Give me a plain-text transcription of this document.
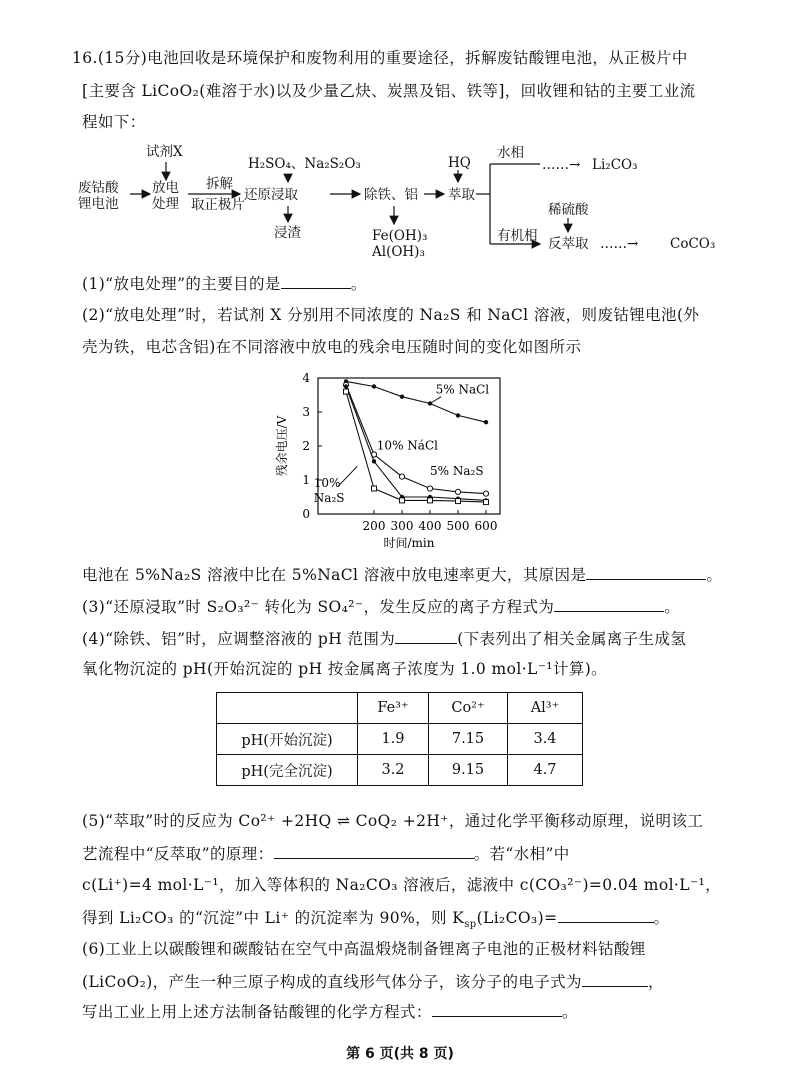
16.(15分)电池回收是环境保护和废物利用的重要途径，拆解废钴酸锂电池，从正极片中
[主要含 LiCoO₂(难溶于水)以及少量乙炔、炭黑及铝、铁等]，回收锂和钴的主要工业流
程如下：
废钴酸
锂电池
试剂X
放电
处理
拆解
取正极片
H₂SO₄、Na₂S₂O₃
还原浸取
浸渣
除铁、铝
Fe(OH)₃
Al(OH)₃
HQ
萃取
水相
……→ Li₂CO₃
稀硫酸
有机相 反萃取 ……→ CoCO₃
(1)“放电处理”的主要目的是	。
(2)“放电处理”时，若试剂 X 分别用不同浓度的 Na₂S 和 NaCl 溶液，则废钴锂电池(外
壳为铁，电芯含铝)在不同溶液中放电的残余电压随时间的变化如图所示
0
1
2
3
4
200 300 400 500 600
时间/min
残余电压/V
5% NaCl
10% NáCl
5% Na₂S
10%
Na₂S
电池在 5%Na₂S 溶液中比在 5%NaCl 溶液中放电速率更大，其原因是	。
(3)“还原浸取”时 S₂O₃²⁻ 转化为 SO₄²⁻，发生反应的离子方程式为	。
(4)“除铁、铝”时，应调整溶液的 pH 范围为	(下表列出了相关金属离子生成氢
氧化物沉淀的 pH(开始沉淀的 pH 按金属离子浓度为 1.0 mol·L⁻¹计算)。
	Fe³⁺	Co²⁺	Al³⁺
pH(开始沉淀)	1.9	7.15	3.4
pH(完全沉淀)	3.2	9.15	4.7
(5)“萃取”时的反应为 Co²⁺ +2HQ ⇌ CoQ₂ +2H⁺，通过化学平衡移动原理，说明该工
艺流程中“反萃取”的原理：	。若“水相”中
c(Li⁺)=4 mol·L⁻¹，加入等体积的 Na₂CO₃ 溶液后，滤液中 c(CO₃²⁻)=0.04 mol·L⁻¹，
得到 Li₂CO₃ 的“沉淀”中 Li⁺ 的沉淀率为 90%，则 $K_{sp}(Li_2CO_3)=$	。
(6)工业上以碳酸锂和碳酸钴在空气中高温煅烧制备锂离子电池的正极材料钴酸锂
(LiCoO₂)，产生一种三原子构成的直线形气体分子，该分子的电子式为	，
写出工业上用上述方法制备钴酸锂的化学方程式：	。
第 6 页(共 8 页)
